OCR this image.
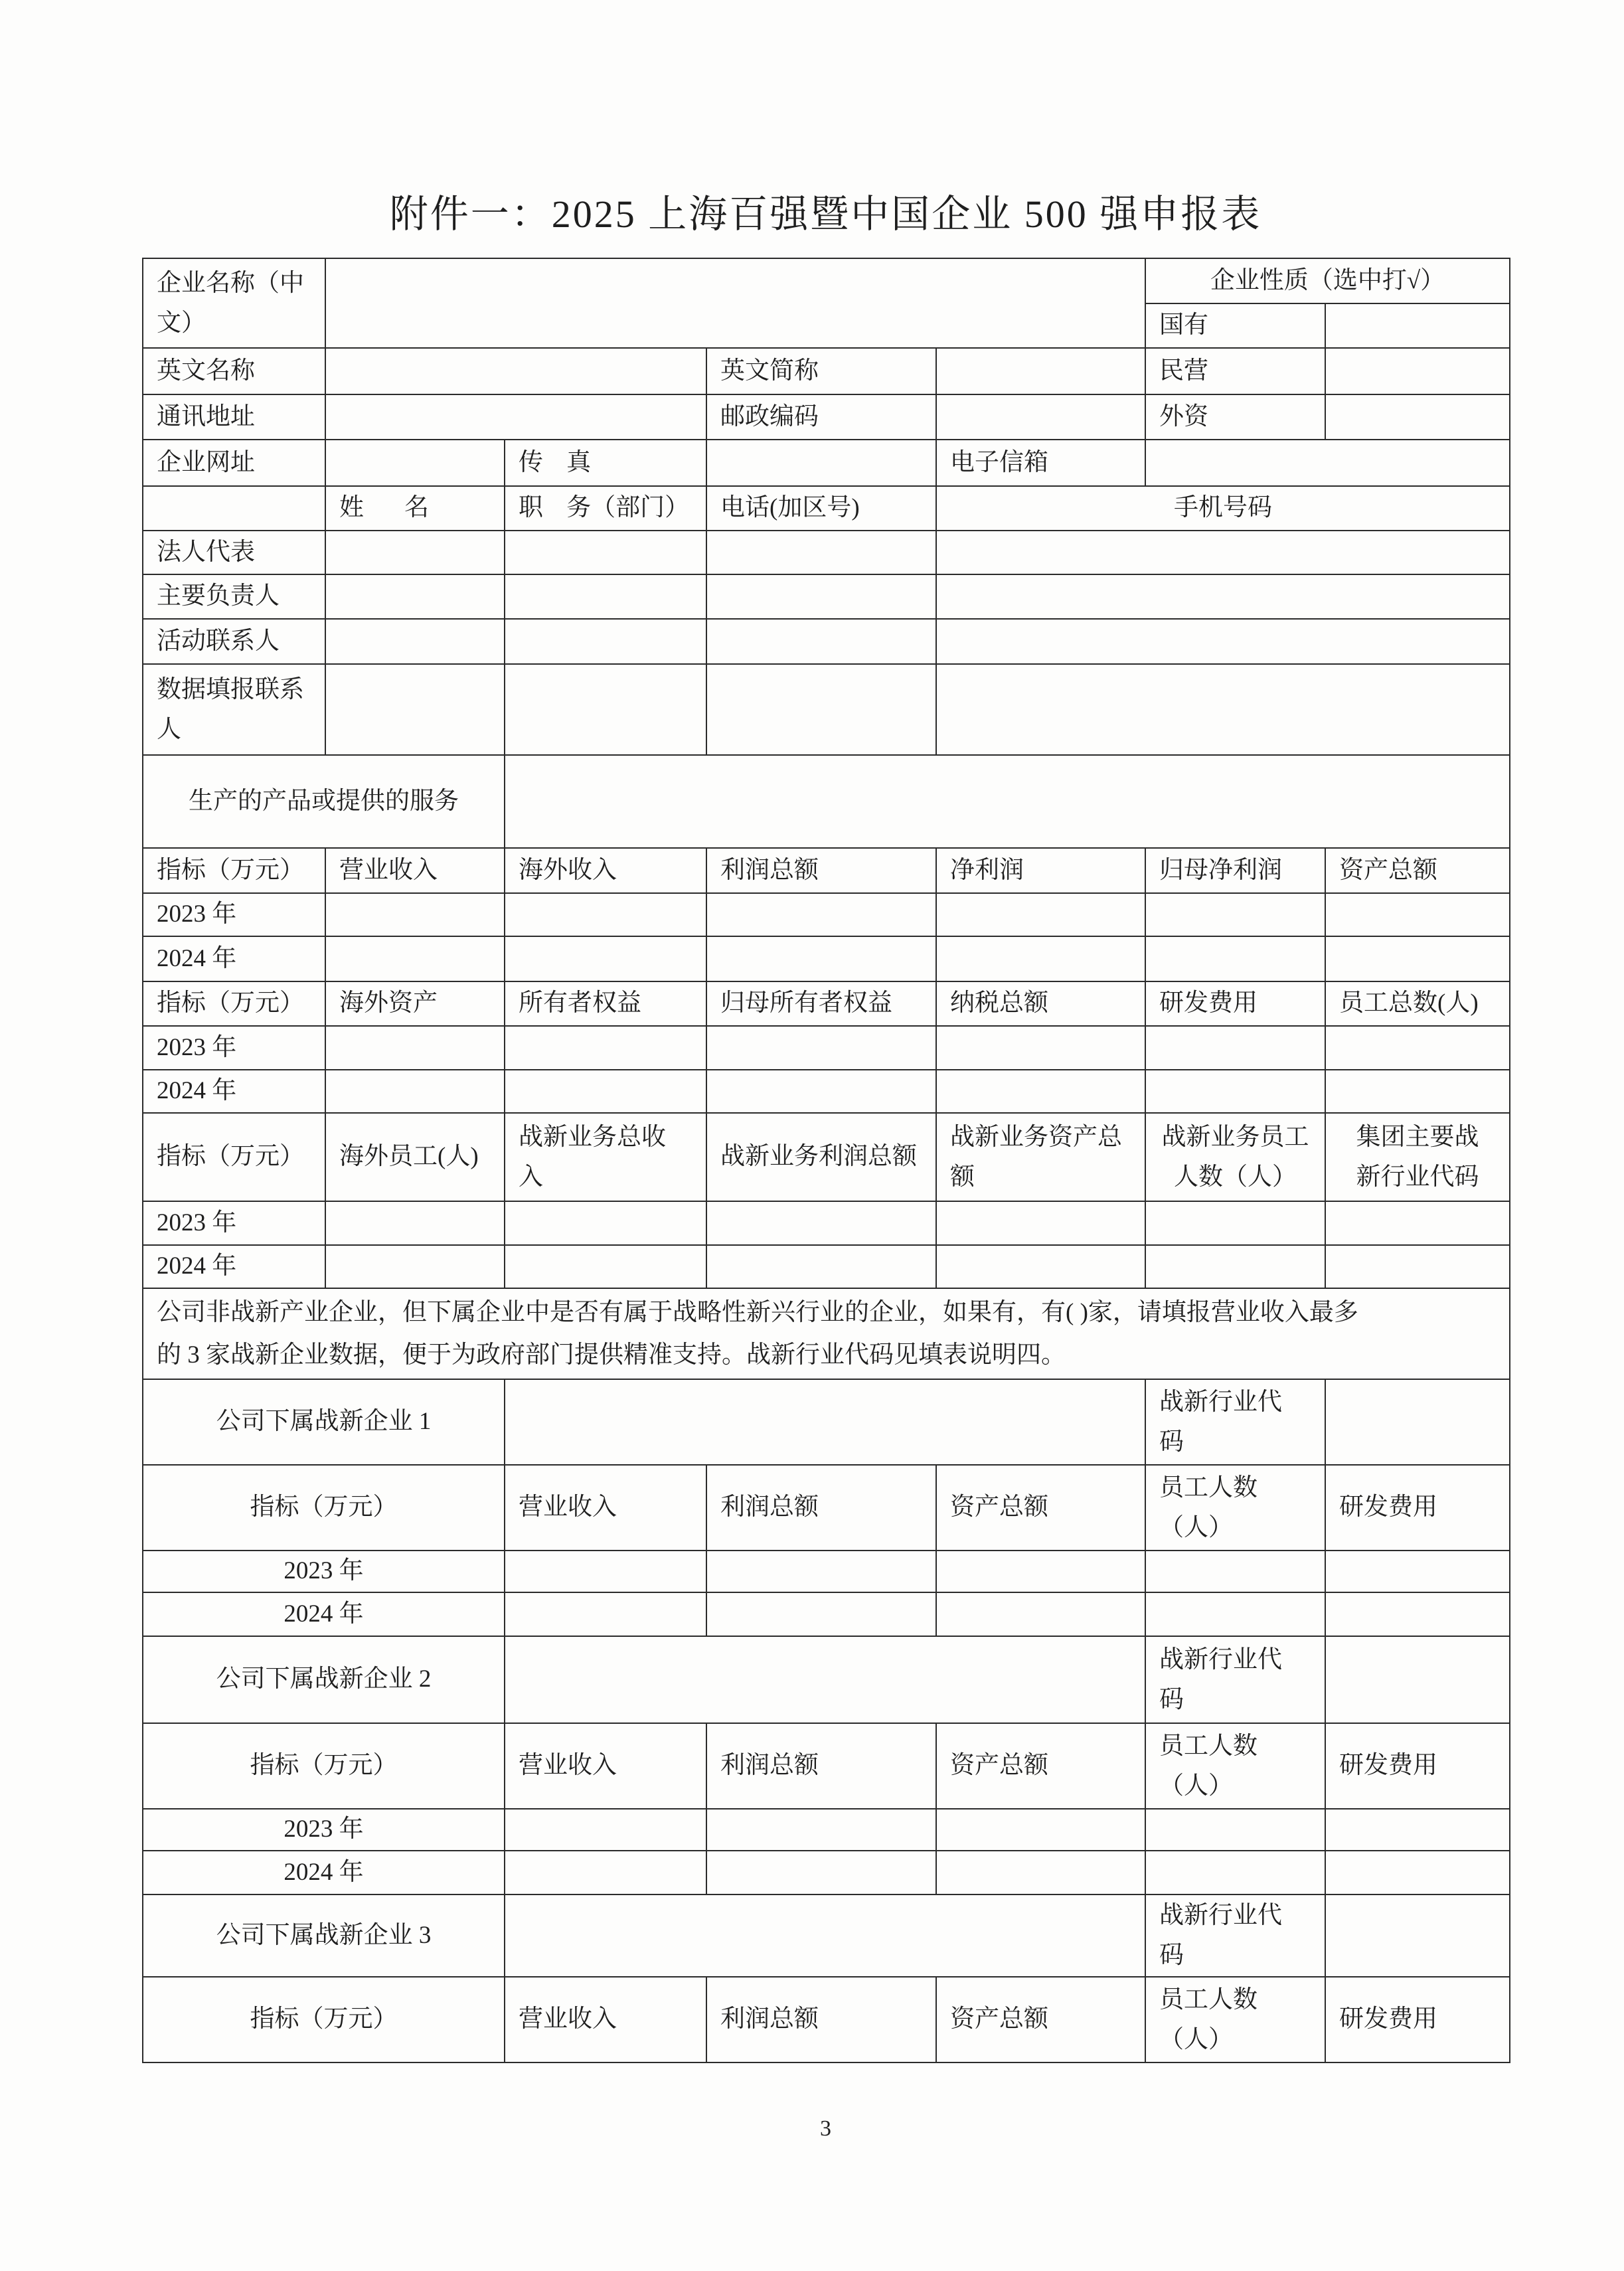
附件一：2025 上海百强暨中国企业 500 强申报表
企业名称（中文）					企业性质（选中打√）	
					国有	
英文名称			英文简称		民营	
通讯地址			邮政编码		外资	
企业网址		传 真		电子信箱		
	姓 名	职 务（部门）	电话(加区号)	手机号码		
法人代表						
主要负责人						
活动联系人						
数据填报联系人						
生产的产品或提供的服务						
指标（万元）	营业收入	海外收入	利润总额	净利润	归母净利润	资产总额
2023 年						
2024 年						
指标（万元）	海外资产	所有者权益	归母所有者权益	纳税总额	研发费用	员工总数(人)
2023 年						
2024 年						
指标（万元）	海外员工(人)	战新业务总收入	战新业务利润总额	战新业务资产总额	战新业务员工人数（人）	集团主要战新行业代码
2023 年						
2024 年						

公司非战新产业企业，但下属企业中是否有属于战略性新兴行业的企业，如果有，有( )家，请填报营业收入最多
的 3 家战新企业数据，便于为政府部门提供精准支持。战新行业代码见填表说明四。						

公司下属战新企业 1					战新行业代码	
指标（万元）		营业收入	利润总额	资产总额	员工人数（人）	研发费用
2023 年						
2024 年						
公司下属战新企业 2					战新行业代码	
指标（万元）		营业收入	利润总额	资产总额	员工人数（人）	研发费用
2023 年						
2024 年						
公司下属战新企业 3					战新行业代码	
指标（万元）		营业收入	利润总额	资产总额	员工人数（人）	研发费用
3
